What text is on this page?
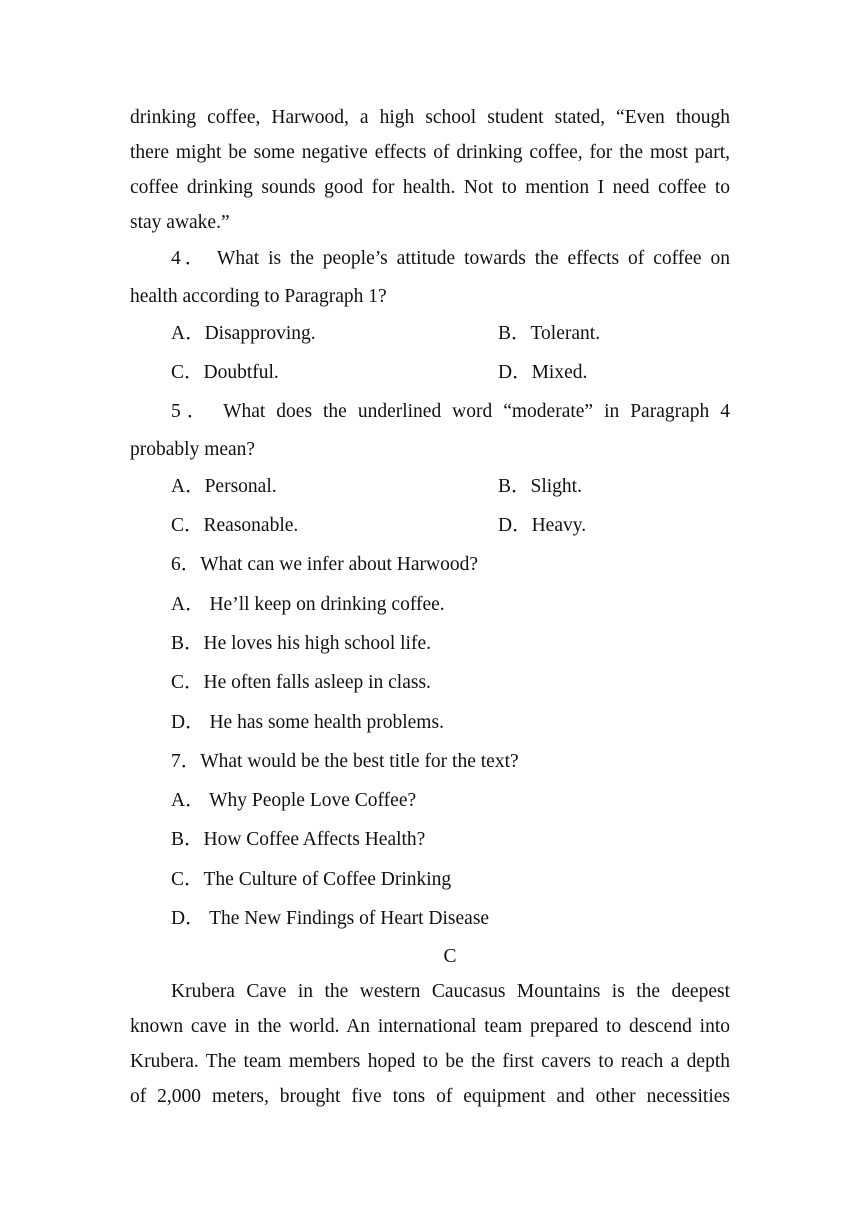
drinking coffee, Harwood, a high school student stated, “Even though
there might be some negative effects of drinking coffee, for the most part,
coffee drinking sounds good for health. Not to mention I need coffee to
stay awake.”
4． What is the people’s attitude towards the effects of coffee on
health according to Paragraph 1?
A．Disapproving.	B．Tolerant.
C．Doubtful.	D．Mixed.
5． What does the underlined word “moderate” in Paragraph 4
probably mean?
A．Personal.	B．Slight.
C．Reasonable.	D．Heavy.
6．What can we infer about Harwood?
A． He’ll keep on drinking coffee.
B．He loves his high school life.
C．He often falls asleep in class.
D． He has some health problems.
7．What would be the best title for the text?
A． Why People Love Coffee?
B．How Coffee Affects Health?
C．The Culture of Coffee Drinking
D． The New Findings of Heart Disease
C
Krubera Cave in the western Caucasus Mountains is the deepest
known cave in the world. An international team prepared to descend into
Krubera. The team members hoped to be the first cavers to reach a depth
of 2,000 meters, brought five tons of equipment and other necessities
